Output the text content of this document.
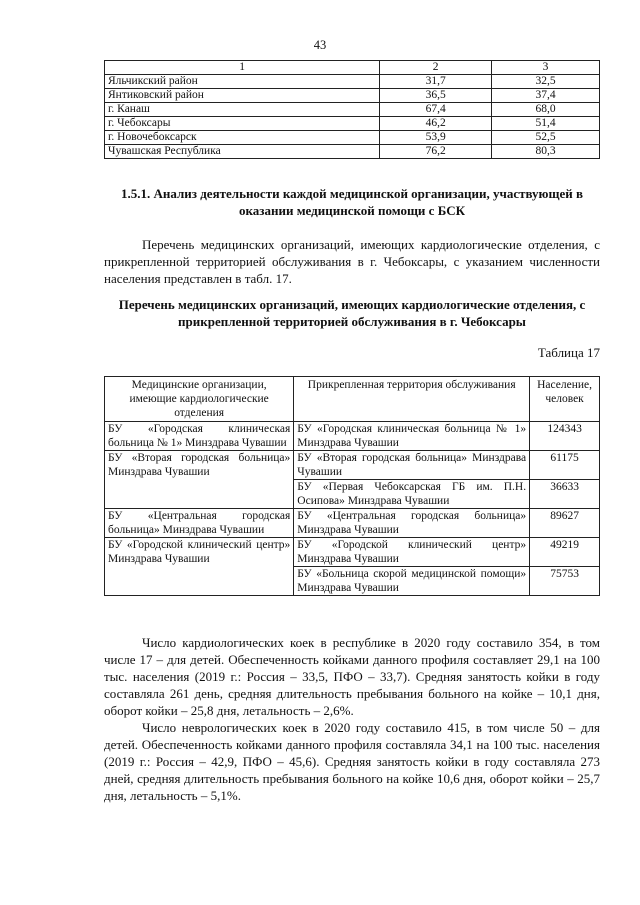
43
1	2	3
Яльчикский район	31,7	32,5
Янтиковский район	36,5	37,4
г. Канаш	67,4	68,0
г. Чебоксары	46,2	51,4
г. Новочебоксарск	53,9	52,5
Чувашская Республика	76,2	80,3
1.5.1. Анализ деятельности каждой медицинской организации, участвующей в оказании медицинской помощи с БСК
Перечень медицинских организаций, имеющих кардиологические отделения, с прикрепленной территорией обслуживания в г. Чебоксары, с указанием численности населения представлен в табл. 17.
Перечень медицинских организаций, имеющих кардиологические отделения, с прикрепленной территорией обслуживания в г. Чебоксары
Таблица 17
Медицинские организации, имеющие кардиологические отделения	Прикрепленная территория обслуживания	Население, человек
БУ «Городская клиническая больница № 1» Минздрава Чувашии	БУ «Городская клиническая больница № 1» Минздрава Чувашии	124343
БУ «Вторая городская больница» Минздрава Чувашии	БУ «Вторая городская больница» Минздрава Чувашии	61175
	БУ «Первая Чебоксарская ГБ им. П.Н. Осипова» Минздрава Чувашии	36633
БУ «Центральная городская больница» Минздрава Чувашии	БУ «Центральная городская больница» Минздрава Чувашии	89627
БУ «Городской клинический центр» Минздрава Чувашии	БУ «Городской клинический центр» Минздрава Чувашии	49219
	БУ «Больница скорой медицинской помощи» Минздрава Чувашии	75753
Число кардиологических коек в республике в 2020 году составило 354, в том числе 17 – для детей. Обеспеченность койками данного профиля составляет 29,1 на 100 тыс. населения (2019 г.: Россия – 33,5, ПФО – 33,7). Средняя занятость койки в году составляла 261 день, средняя длительность пребывания больного на койке – 10,1 дня, оборот койки – 25,8 дня, летальность – 2,6%.
Число неврологических коек в 2020 году составило 415, в том числе 50 – для детей. Обеспеченность койками данного профиля составляла 34,1 на 100 тыс. населения (2019 г.: Россия – 42,9, ПФО – 45,6). Средняя занятость койки в году составляла 273 дней, средняя длительность пребывания больного на койке 10,6 дня, оборот койки – 25,7 дня, летальность – 5,1%.
